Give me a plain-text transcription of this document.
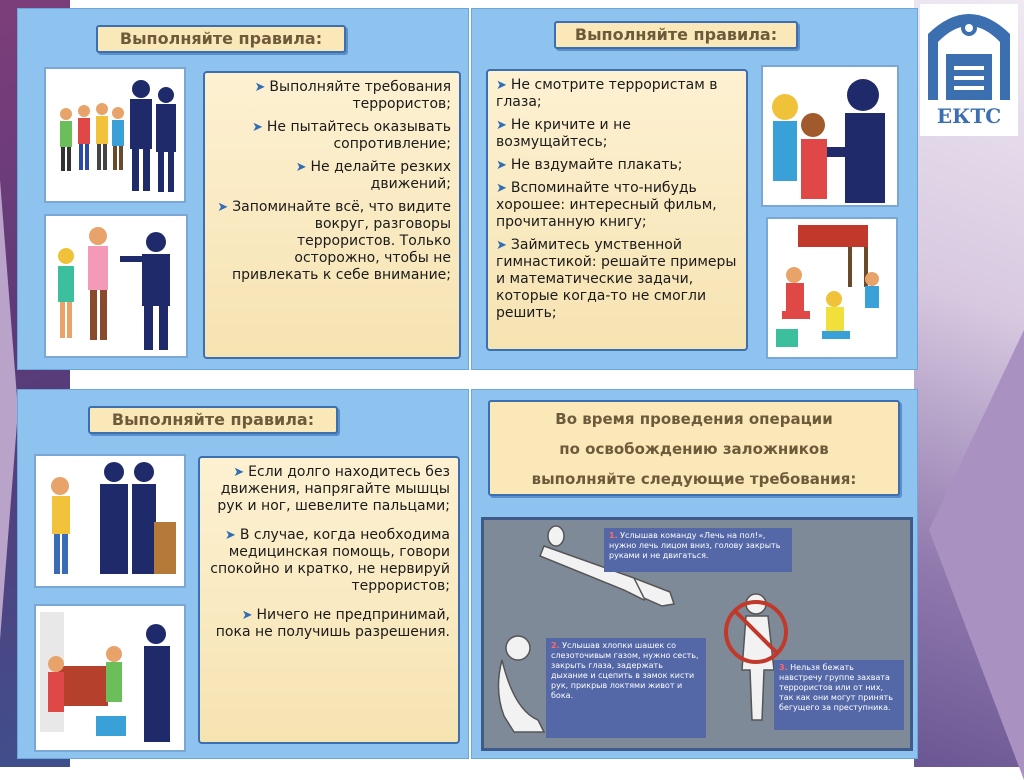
ЕКТС
Выполняйте правила:
➤ Выполняйте требования террористов;
➤ Не пытайтесь оказывать сопротивление;
➤ Не делайте резких движений;
➤ Запоминайте всё, что видите вокруг, разговоры террористов. Только осторожно, чтобы не привлекать к себе внимание;
Выполняйте правила:
➤ Не смотрите террористам в глаза;
➤ Не кричите и не возмущайтесь;
➤ Не вздумайте плакать;
➤ Вспоминайте что-нибудь хорошее: интересный фильм, прочитанную книгу;
➤ Займитесь умственной гимнастикой: решайте примеры и математические задачи, которые когда-то не смогли решить;
Выполняйте правила:
➤ Если долго находитесь без движения, напрягайте мышцы рук и ног, шевелите пальцами;
➤ В случае, когда необходима медицинская помощь, говори спокойно и кратко, не нервируй террористов;
➤ Ничего не предпринимай, пока не получишь разрешения.
Во время проведения операции
по освобождению заложников
выполняйте следующие требования:
1. Услышав команду «Лечь на пол!», нужно лечь лицом вниз, голову закрыть руками и не двигаться.
2. Услышав хлопки шашек со слезоточивым газом, нужно сесть, закрыть глаза, задержать дыхание и сцепить в замок кисти рук, прикрыв локтями живот и бока.
3. Нельзя бежать навстречу группе захвата террористов или от них, так как они могут принять бегущего за преступника.
